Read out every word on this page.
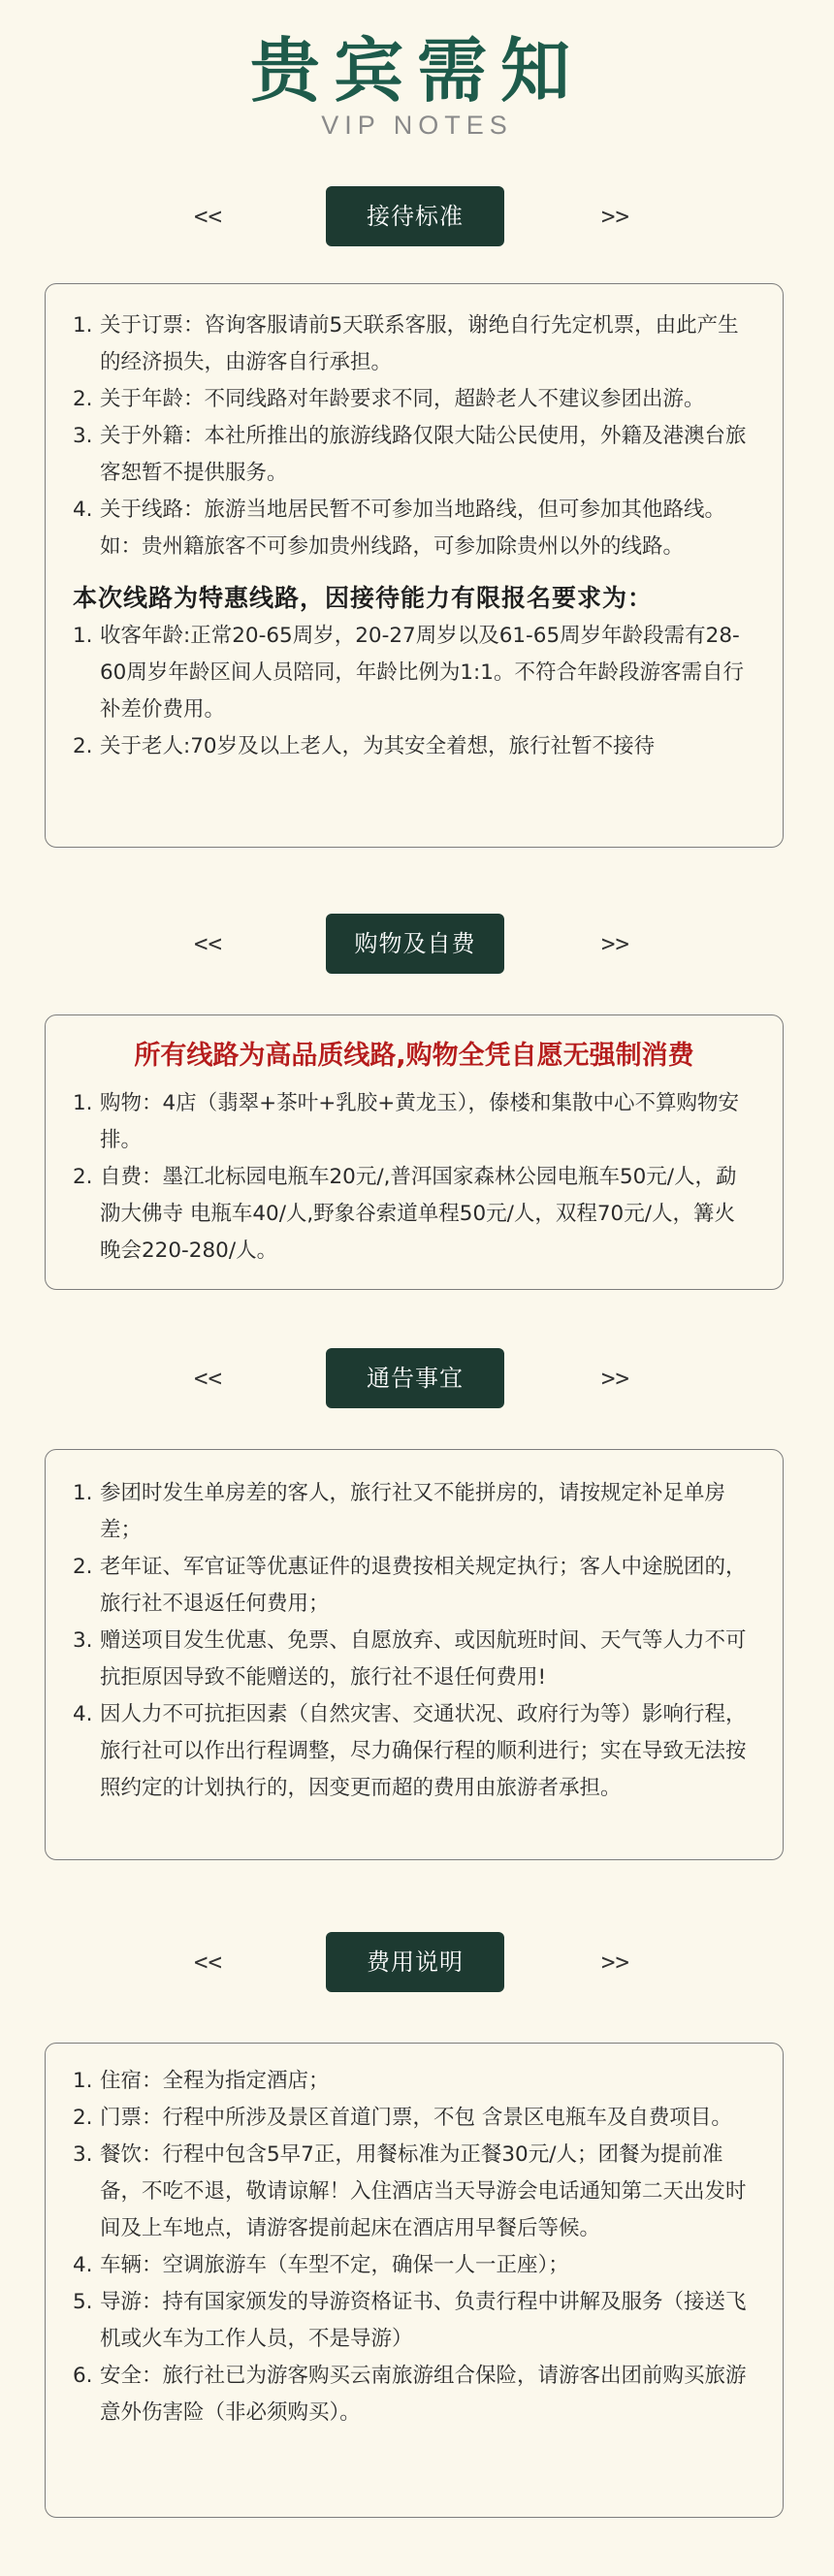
贵宾需知
VIP NOTES
<<	接待标准	>>
1. 关于订票：咨询客服请前5天联系客服，谢绝自行先定机票，由此产生的经济损失，由游客自行承担。
2. 关于年龄：不同线路对年龄要求不同，超龄老人不建议参团出游。
3. 关于外籍：本社所推出的旅游线路仅限大陆公民使用，外籍及港澳台旅客恕暂不提供服务。
4. 关于线路：旅游当地居民暂不可参加当地路线，但可参加其他路线。如：贵州籍旅客不可参加贵州线路，可参加除贵州以外的线路。
本次线路为特惠线路，因接待能力有限报名要求为：
1. 收客年龄:正常20-65周岁，20-27周岁以及61-65周岁年龄段需有28-60周岁年龄区间人员陪同，年龄比例为1:1。不符合年龄段游客需自行补差价费用。
2. 关于老人:70岁及以上老人，为其安全着想，旅行社暂不接待
<<	购物及自费	>>
所有线路为高品质线路,购物全凭自愿无强制消费
1. 购物：4店（翡翠+茶叶+乳胶+黄龙玉），傣楼和集散中心不算购物安排。
2. 自费：墨江北标园电瓶车20元/,普洱国家森林公园电瓶车50元/人，勐泐大佛寺 电瓶车40/人,野象谷索道单程50元/人，双程70元/人，篝火晚会220-280/人。
<<	通告事宜	>>
1. 参团时发生单房差的客人，旅行社又不能拼房的，请按规定补足单房差；
2. 老年证、军官证等优惠证件的退费按相关规定执行；客人中途脱团的，旅行社不退返任何费用；
3. 赠送项目发生优惠、免票、自愿放弃、或因航班时间、天气等人力不可抗拒原因导致不能赠送的，旅行社不退任何费用!
4. 因人力不可抗拒因素（自然灾害、交通状况、政府行为等）影响行程，旅行社可以作出行程调整，尽力确保行程的顺利进行；实在导致无法按照约定的计划执行的，因变更而超的费用由旅游者承担。
<<	费用说明	>>
1. 住宿：全程为指定酒店；
2. 门票：行程中所涉及景区首道门票，不包 含景区电瓶车及自费项目。
3. 餐饮：行程中包含5早7正，用餐标准为正餐30元/人；团餐为提前准备，不吃不退，敬请谅解！入住酒店当天导游会电话通知第二天出发时间及上车地点，请游客提前起床在酒店用早餐后等候。
4. 车辆：空调旅游车（车型不定，确保一人一正座）；
5. 导游：持有国家颁发的导游资格证书、负责行程中讲解及服务（接送飞机或火车为工作人员，不是导游）
6. 安全：旅行社已为游客购买云南旅游组合保险，请游客出团前购买旅游意外伤害险（非必须购买）。
